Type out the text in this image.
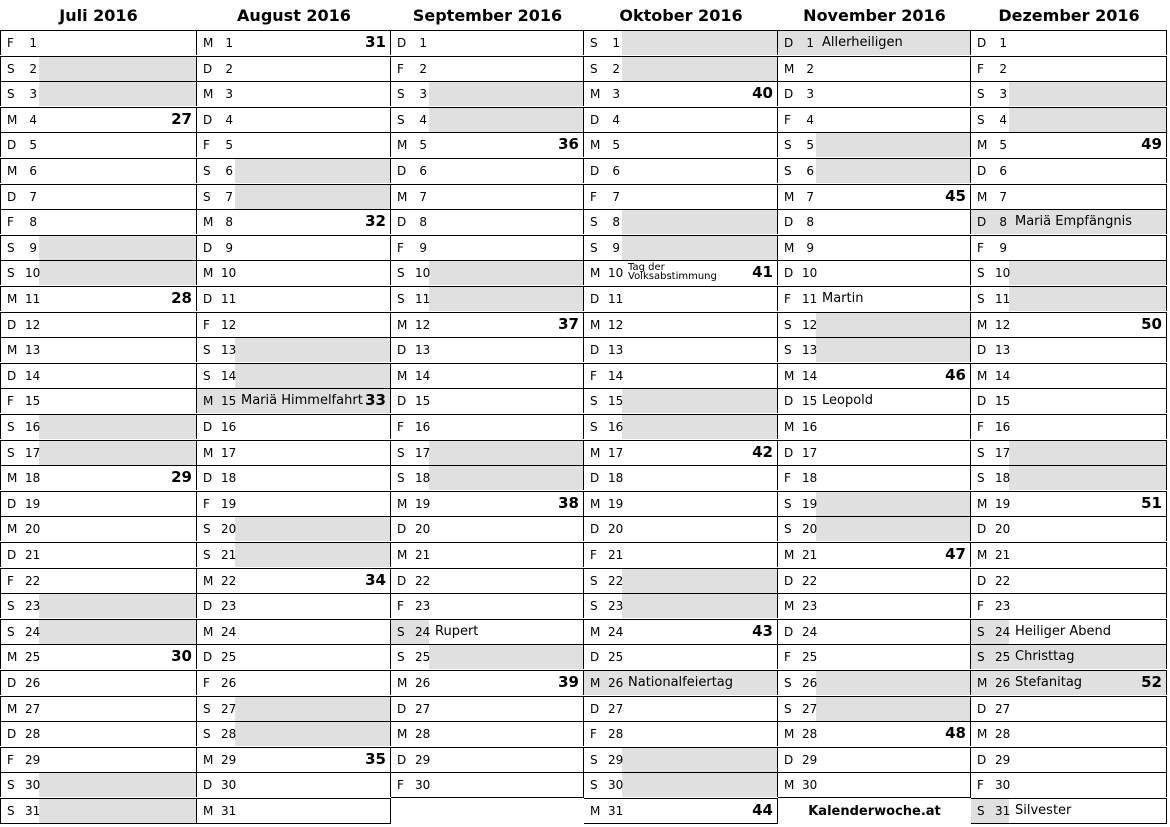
Juli 2016
F	1
S	2
S	3
M	4	27
D	5
M	6
D	7
F	8
S	9
S 10
M 11	28
D 12
M 13
D 14
F 15
S 16
S 17
M 18	29
D 19
M 20
D 21
F 22
S 23
S 24
M 25	30
D 26
M 27
D 28
F 29
S 30
S 31
August 2016
M	1	31
D	2
M	3
D	4
F	5
S	6
S	7
M	8	32
D	9
M 10
D 11
F 12
S 13
S 14
M 15 Mariä Himmelfahrt 33
D 16
M 17
D 18
F 19
S 20
S 21
M 22	34
D 23
M 24
D 25
F 26
S 27
S 28
M 29	35
D 30
M 31
September 2016
D	1
F	2
S	3
S	4
M	5	36
D	6
M	7
D	8
F	9
S 10
S 11
M 12	37
D 13
M 14
D 15
F 16
S 17
S 18
M 19	38
D 20
M 21
D 22
F 23
S 24 Rupert
S 25
M 26	39
D 27
M 28
D 29
F 30
Oktober 2016
S	1
S	2
M	3	40
D	4
M	5
D	6
F	7
S	8
S	9
M 10 Tag der Volksabstimmung	41
D 11
M 12
D 13
F 14
S 15
S 16
M 17	42
D 18
M 19
D 20
F 21
S 22
S 23
M 24	43
D 25
M 26 Nationalfeiertag
D 27
F 28
S 29
S 30
M 31	44
November 2016
D	1 Allerheiligen
M	2
D	3
F	4
S	5
S	6
M	7	45
D	8
M	9
D 10
F 11 Martin
S 12
S 13
M 14	46
D 15 Leopold
M 16
D 17
F 18
S 19
S 20
M 21	47
D 22
M 23
D 24
F 25
S 26
S 27
M 28	48
D 29
M 30
Kalenderwoche.at
Dezember 2016
D	1
F	2
S	3
S	4
M	5	49
D	6
M	7
D	8 Mariä Empfängnis
F	9
S 10
S 11
M 12	50
D 13
M 14
D 15
F 16
S 17
S 18
M 19	51
D 20
M 21
D 22
F 23
S 24 Heiliger Abend
S 25 Christtag
M 26 Stefanitag	52
D 27
M 28
D 29
F 30
S 31 Silvester
